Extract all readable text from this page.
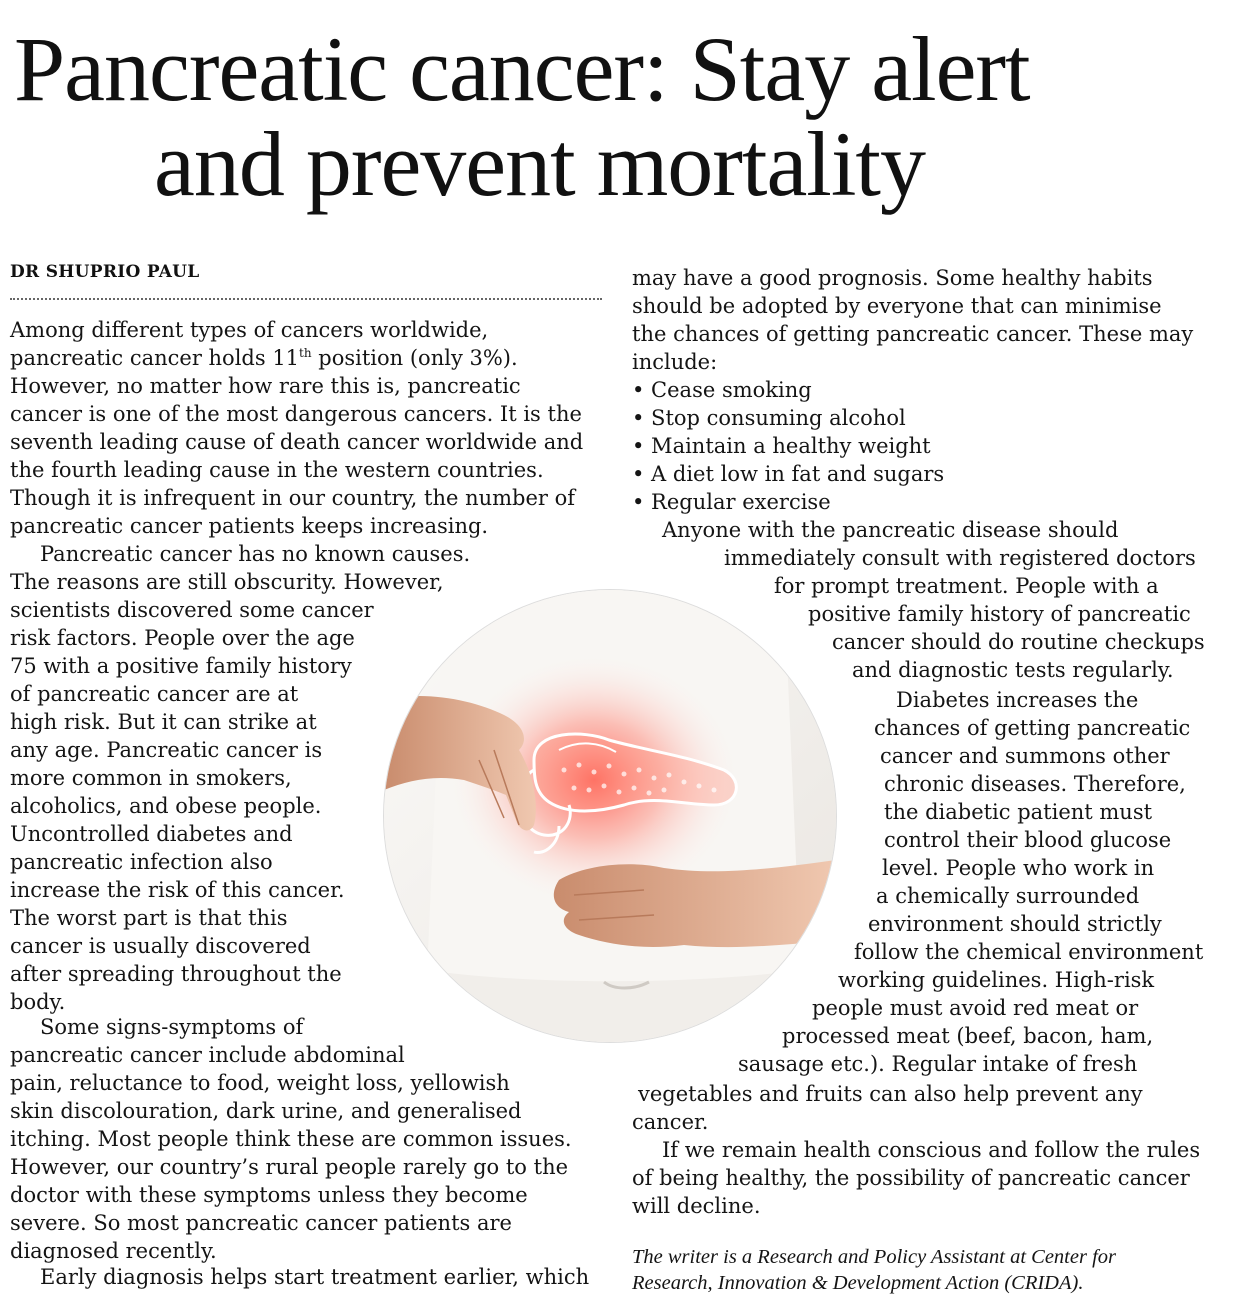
Pancreatic cancer: Stay alert
and prevent mortality
DR SHUPRIO PAUL
Among different types of cancers worldwide,
pancreatic cancer holds 11th position (only 3%).
However, no matter how rare this is, pancreatic
cancer is one of the most dangerous cancers. It is the
seventh leading cause of death cancer worldwide and
the fourth leading cause in the western countries.
Though it is infrequent in our country, the number of
pancreatic cancer patients keeps increasing.
Pancreatic cancer has no known causes.
The reasons are still obscurity. However,
scientists discovered some cancer
risk factors. People over the age
75 with a positive family history
of pancreatic cancer are at
high risk. But it can strike at
any age. Pancreatic cancer is
more common in smokers,
alcoholics, and obese people.
Uncontrolled diabetes and
pancreatic infection also
increase the risk of this cancer.
The worst part is that this
cancer is usually discovered
after spreading throughout the
body.
Some signs-symptoms of
pancreatic cancer include abdominal
pain, reluctance to food, weight loss, yellowish
skin discolouration, dark urine, and generalised
itching. Most people think these are common issues.
However, our country’s rural people rarely go to the
doctor with these symptoms unless they become
severe. So most pancreatic cancer patients are
diagnosed recently.
Early diagnosis helps start treatment earlier, which
may have a good prognosis. Some healthy habits
should be adopted by everyone that can minimise
the chances of getting pancreatic cancer. These may
include:
• Cease smoking
• Stop consuming alcohol
• Maintain a healthy weight
• A diet low in fat and sugars
• Regular exercise
Anyone with the pancreatic disease should
immediately consult with registered doctors
for prompt treatment. People with a
positive family history of pancreatic
cancer should do routine checkups
and diagnostic tests regularly.
Diabetes increases the
chances of getting pancreatic
cancer and summons other
chronic diseases. Therefore,
the diabetic patient must
control their blood glucose
level. People who work in
a chemically surrounded
environment should strictly
follow the chemical environment
working guidelines. High-risk
people must avoid red meat or
processed meat (beef, bacon, ham,
sausage etc.). Regular intake of fresh
vegetables and fruits can also help prevent any
cancer.
If we remain health conscious and follow the rules
of being healthy, the possibility of pancreatic cancer
will decline.
The writer is a Research and Policy Assistant at Center for
Research, Innovation & Development Action (CRIDA).
